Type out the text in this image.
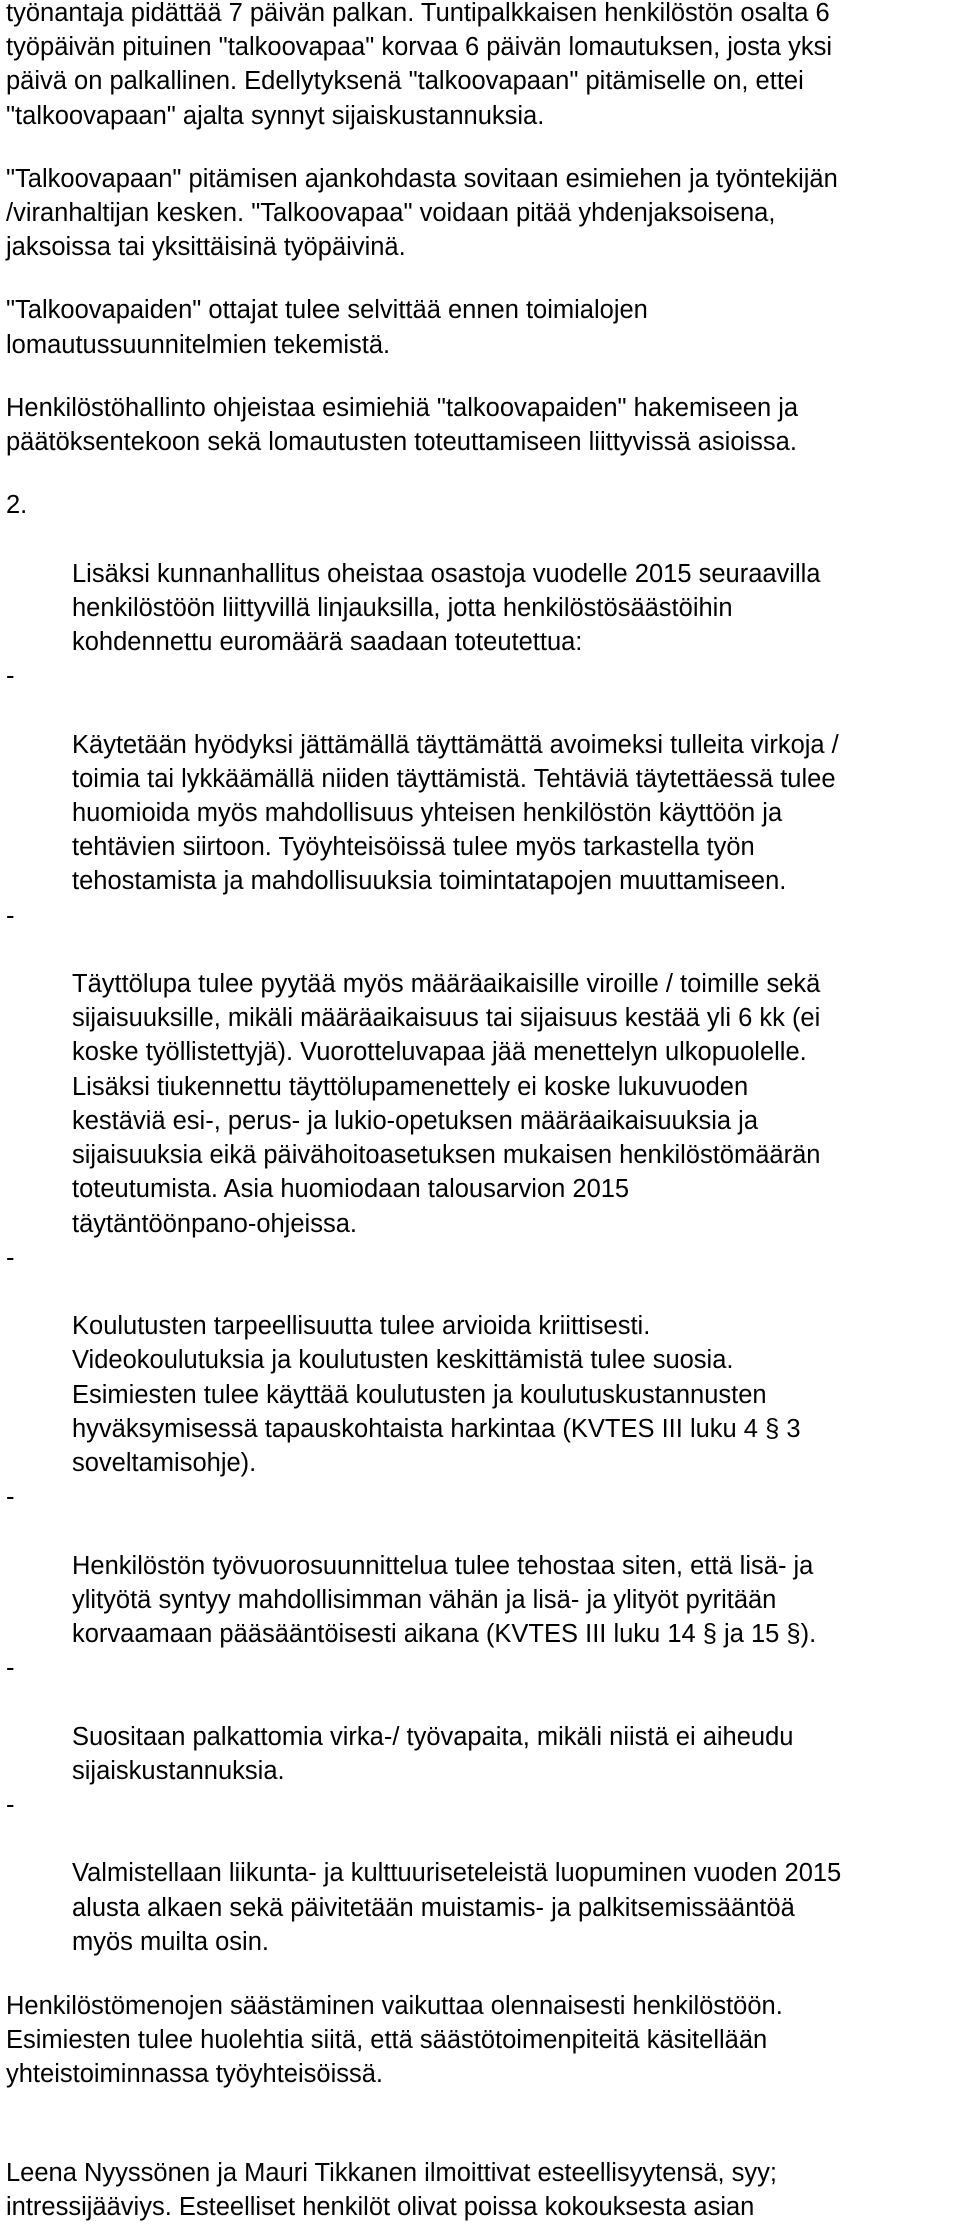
työnantaja pidättää 7 päivän palkan. Tuntipalkkaisen henkilöstön osalta 6
työpäivän pituinen "talkoovapaa" korvaa 6 päivän lomautuksen, josta yksi
päivä on palkallinen. Edellytyksenä "talkoovapaan" pitämiselle on, ettei
"talkoovapaan" ajalta synnyt sijaiskustannuksia.

"Talkoovapaan" pitämisen ajankohdasta sovitaan esimiehen ja työntekijän
/viranhaltijan kesken. "Talkoovapaa" voidaan pitää yhdenjaksoisena,
jaksoissa tai yksittäisinä työpäivinä.

"Talkoovapaiden" ottajat tulee selvittää ennen toimialojen
lomautussuunnitelmien tekemistä.

Henkilöstöhallinto ohjeistaa esimiehiä "talkoovapaiden" hakemiseen ja
päätöksentekoon sekä lomautusten toteuttamiseen liittyvissä asioissa.

2.

Lisäksi kunnanhallitus oheistaa osastoja vuodelle 2015 seuraavilla
henkilöstöön liittyvillä linjauksilla, jotta henkilöstösäästöihin
kohdennettu euromäärä saadaan toteutettua:

-

Käytetään hyödyksi jättämällä täyttämättä avoimeksi tulleita virkoja /
toimia tai lykkäämällä niiden täyttämistä. Tehtäviä täytettäessä tulee
huomioida myös mahdollisuus yhteisen henkilöstön käyttöön ja
tehtävien siirtoon. Työyhteisöissä tulee myös tarkastella työn
tehostamista ja mahdollisuuksia toimintatapojen muuttamiseen.

-

Täyttölupa tulee pyytää myös määräaikaisille viroille / toimille sekä
sijaisuuksille, mikäli määräaikaisuus tai sijaisuus kestää yli 6 kk (ei
koske työllistettyjä). Vuorotteluvapaa jää menettelyn ulkopuolelle.
Lisäksi tiukennettu täyttölupamenettely ei koske lukuvuoden
kestäviä esi-, perus- ja lukio-opetuksen määräaikaisuuksia ja
sijaisuuksia eikä päivähoitoasetuksen mukaisen henkilöstömäärän
toteutumista. Asia huomiodaan talousarvion 2015
täytäntöönpano-ohjeissa.

-

Koulutusten tarpeellisuutta tulee arvioida kriittisesti.
Videokoulutuksia ja koulutusten keskittämistä tulee suosia.
Esimiesten tulee käyttää koulutusten ja koulutuskustannusten
hyväksymisessä tapauskohtaista harkintaa (KVTES III luku 4 § 3
soveltamisohje).

-

Henkilöstön työvuorosuunnittelua tulee tehostaa siten, että lisä- ja
ylityötä syntyy mahdollisimman vähän ja lisä- ja ylityöt pyritään
korvaamaan pääsääntöisesti aikana (KVTES III luku 14 § ja 15 §).

-

Suositaan palkattomia virka-/ työvapaita, mikäli niistä ei aiheudu
sijaiskustannuksia.

-

Valmistellaan liikunta- ja kulttuuriseteleistä luopuminen vuoden 2015
alusta alkaen sekä päivitetään muistamis- ja palkitsemissääntöä
myös muilta osin.

Henkilöstömenojen säästäminen vaikuttaa olennaisesti henkilöstöön.
Esimiesten tulee huolehtia siitä, että säästötoimenpiteitä käsitellään
yhteistoiminnassa työyhteisöissä.

Leena Nyyssönen ja Mauri Tikkanen ilmoittivat esteellisyytensä, syy;
intressijääviys. Esteelliset henkilöt olivat poissa kokouksesta asian
